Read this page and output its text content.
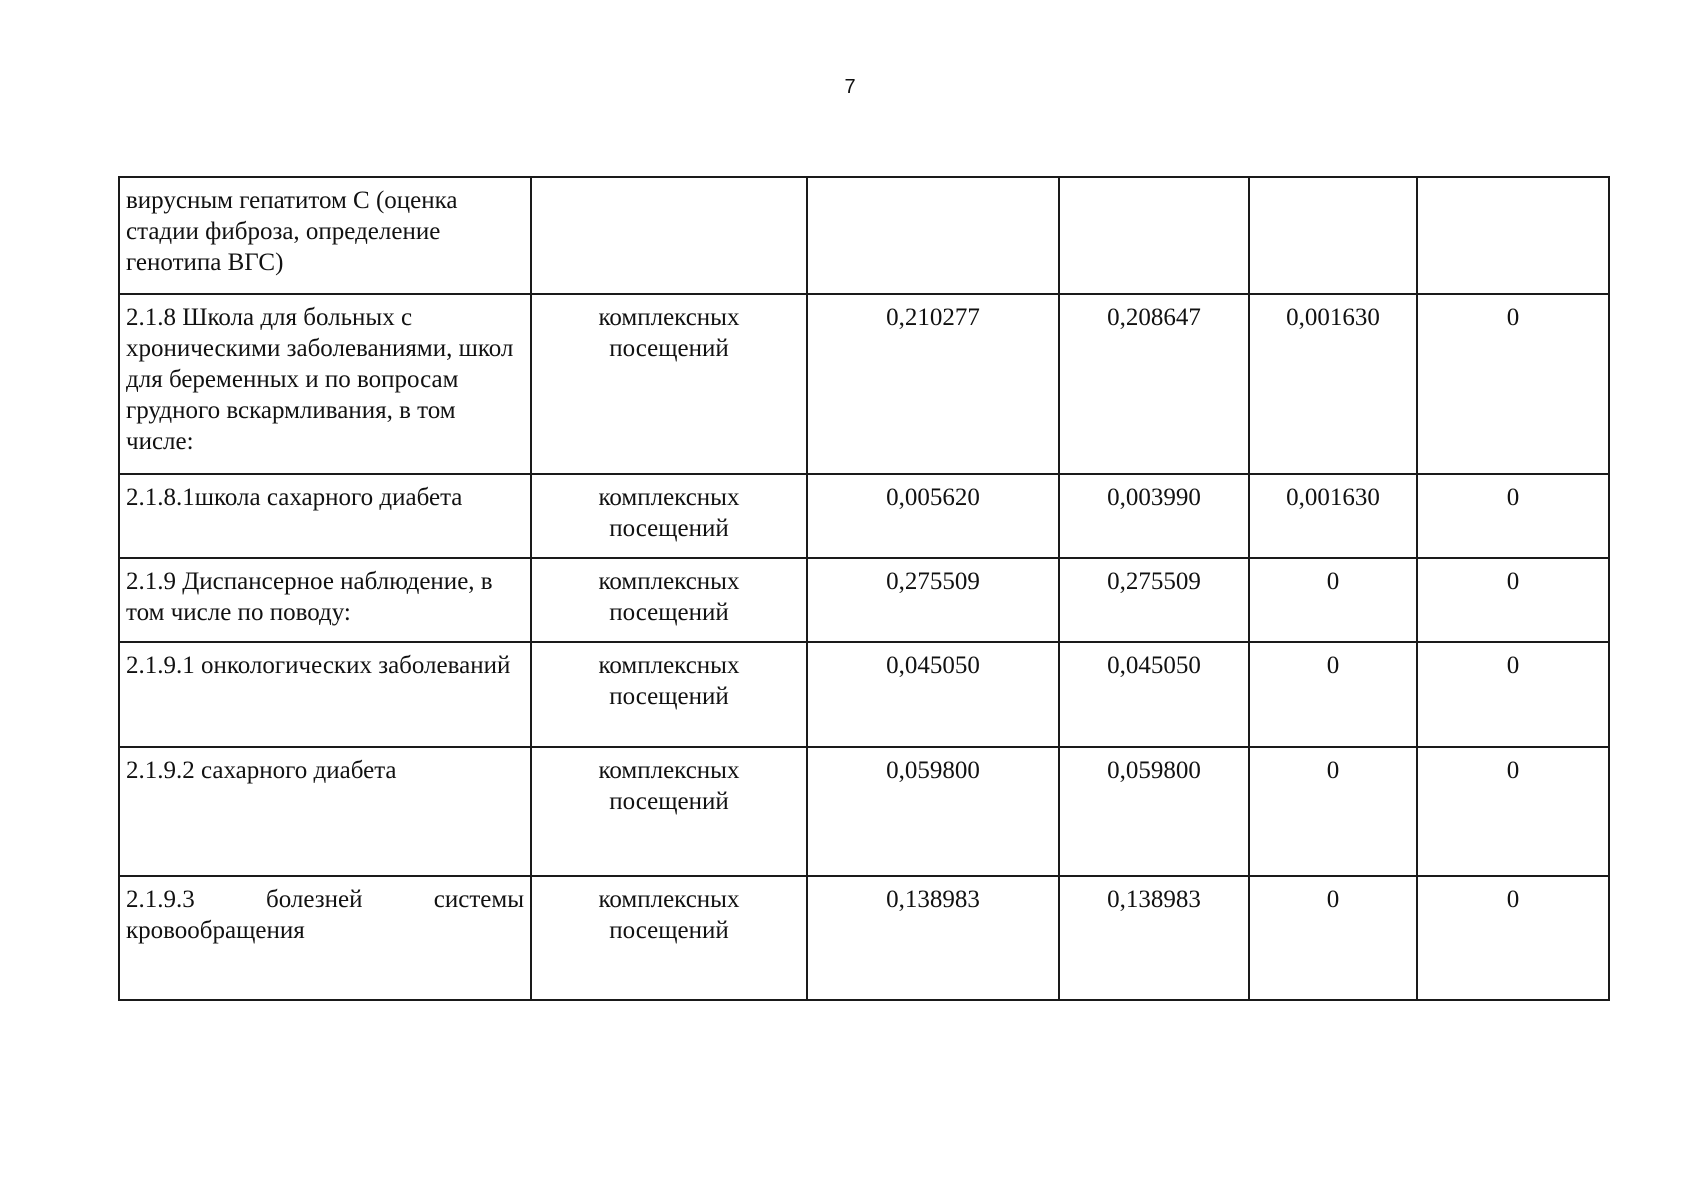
7
вирусным гепатитом С (оценка стадии фиброза, определение генотипа ВГС)					
2.1.8 Школа для больных с хроническими заболеваниями, школ для беременных и по вопросам грудного вскармливания, в том числе:	комплексных посещений	0,210277	0,208647	0,001630	0
2.1.8.1школа сахарного диабета	комплексных посещений	0,005620	0,003990	0,001630	0
2.1.9 Диспансерное наблюдение, в том числе по поводу:	комплексных посещений	0,275509	0,275509	0	0
2.1.9.1 онкологических заболеваний	комплексных посещений	0,045050	0,045050	0	0
2.1.9.2 сахарного диабета	комплексных посещений	0,059800	0,059800	0	0
2.1.9.3 болезней системы кровообращения	комплексных посещений	0,138983	0,138983	0	0
